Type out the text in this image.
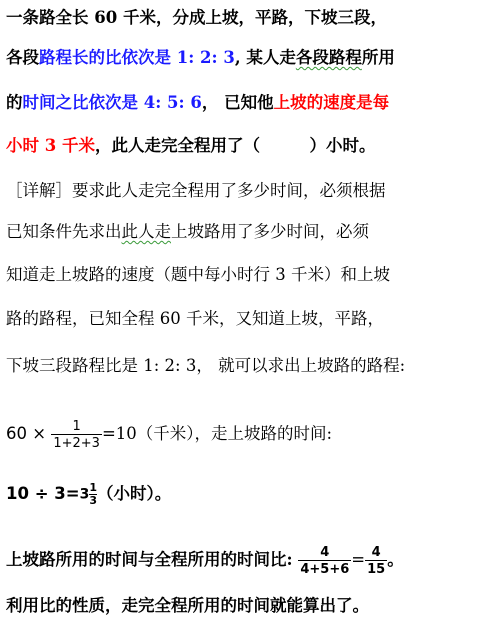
一条路全长 60 千米，分成上坡，平路，下坡三段，
各段路程长的比依次是 1: 2: 3, 某人走各段路程所用
的时间之比依次是 4: 5: 6， 已知他上坡的速度是每
小时 3 千米，此人走完全程用了（　　　	）小时。
［详解］要求此人走完全程用了多少时间，必须根据
已知条件先求出此人走上坡路用了多少时间，必须
知道走上坡路的速度（题中每小时行 3 千米）和上坡
路的路程，已知全程 60 千米，又知道上坡，平路，
下坡三段路程比是 1: 2: 3， 就可以求出上坡路的路程:
$60 \times \frac{1}{1+2+3} =10$（千米），走上坡路的时间:
$10 \div 3=3 \frac{1}{3}$ （小时）。
上坡路所用的时间与全程所用的时间比: $\frac{4}{4+5+6} = \frac{4}{15}$ 。
利用比的性质，走完全程所用的时间就能算出了。
